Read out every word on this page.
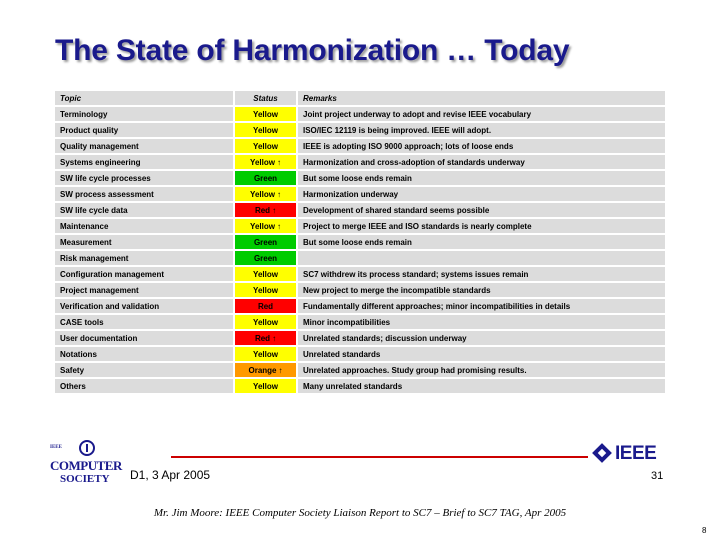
The State of Harmonization … Today
Topic	Status	Remarks
Terminology	Yellow	Joint project underway to adopt and revise IEEE vocabulary
Product quality	Yellow	ISO/IEC 12119 is being improved. IEEE will adopt.
Quality management	Yellow	IEEE is adopting ISO 9000 approach; lots of loose ends
Systems engineering	Yellow ↑	Harmonization and cross-adoption of standards underway
SW life cycle processes	Green	But some loose ends remain
SW process assessment	Yellow ↑	Harmonization underway
SW life cycle data	Red ↑	Development of shared standard seems possible
Maintenance	Yellow ↑	Project to merge IEEE and ISO standards is nearly complete
Measurement	Green	But some loose ends remain
Risk management	Green	
Configuration management	Yellow	SC7 withdrew its process standard; systems issues remain
Project management	Yellow	New project to merge the incompatible standards
Verification and validation	Red	Fundamentally different approaches; minor incompatibilities in details
CASE tools	Yellow	Minor incompatibilities
User documentation	Red ↑	Unrelated standards; discussion underway
Notations	Yellow	Unrelated standards
Safety	Orange ↑	Unrelated approaches. Study group had promising results.
Others	Yellow	Many unrelated standards
IEEE
COMPUTER
SOCIETY D1, 3 Apr 2005
IEEE
31
Mr. Jim Moore: IEEE Computer Society Liaison Report to SC7 – Brief to SC7 TAG, Apr 2005
8
